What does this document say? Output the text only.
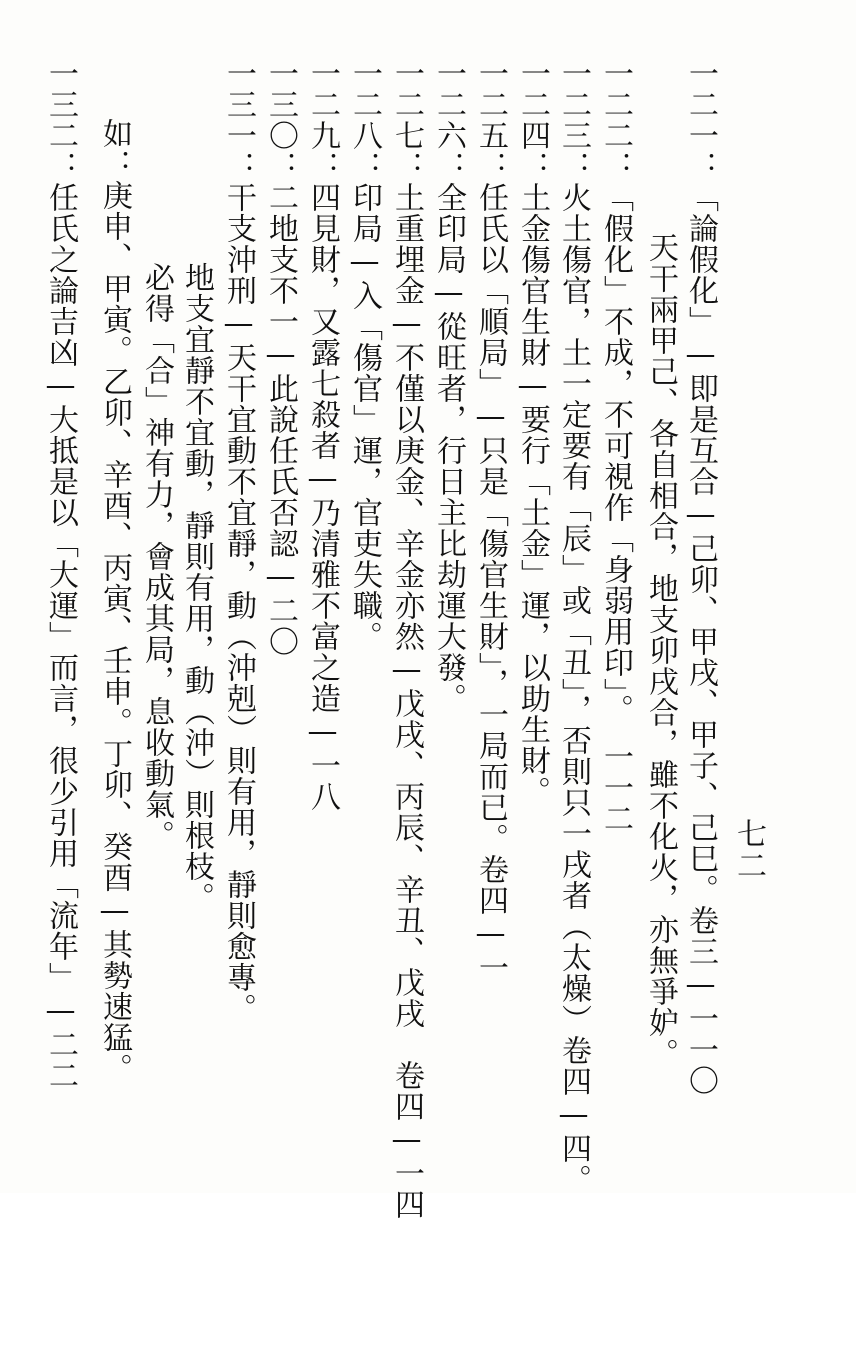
七二
一二一：「論假化」—即是互合—己卯、甲戌、甲子、己巳。卷三—一一〇
天干兩甲己、各自相合，地支卯戌合，雖不化火，亦無爭妒。
一二二：「假化」不成，不可視作「身弱用印」。　一一二
一二三：火土傷官，土一定要有「辰」或「丑」，否則只一戌者（太燥）卷四—四。
一二四：土金傷官生財—要行「土金」運，以助生財。
一二五：任氏以「順局」—只是「傷官生財」，一局而已。卷四—一
一二六：全印局—從旺者，行日主比劫運大發。
一二七：土重埋金—不僅以庚金、辛金亦然—戊戌、丙辰、辛丑、戊戌　卷四—一四
一二八：印局—入「傷官」運，官吏失職。
一二九：四見財，又露七殺者—乃清雅不富之造—一八
一三〇：二地支不一—此說任氏否認—二〇
一三一：干支沖刑—天干宜動不宜靜，動（沖剋）則有用，靜則愈專。
地支宜靜不宜動，靜則有用，動（沖）則根枝。
必得「合」神有力，會成其局，息收動氣。
如：庚申、甲寅。乙卯、辛酉、丙寅、壬申。丁卯、癸酉—其勢速猛。
一三二：任氏之論吉凶—大抵是以「大運」而言，很少引用「流年」—二二
